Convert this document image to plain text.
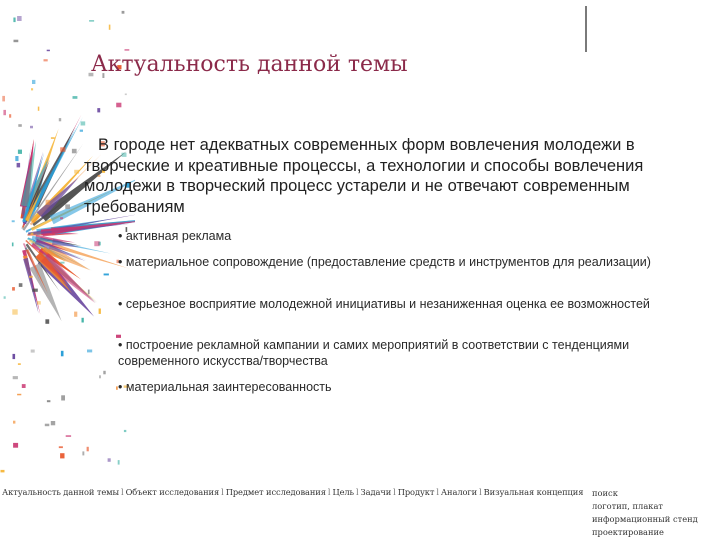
Актуальность данной темы
В городе нет адекватных современных форм вовлечения молодежи в творческие и креативные процессы, а технологии и способы вовлечения молодежи в творческий процесс устарели и не отвечают современным требованиям
• активная реклама
• материальное сопровождение (предоставление средств и инструментов для реализации)
• серьезное восприятие молодежной инициативы и незаниженная оценка ее возможностей
• построение рекламной кампании и самих мероприятий в соответствии с тенденциями современного искусства/творчества
• материальная заинтересованность
Актуальность данной темы l Объект исследования l Предмет исследования l Цель l Задачи l Продукт l Аналоги l Визуальная концепция поиск
логотип, плакат
информационный стенд
проектирование
